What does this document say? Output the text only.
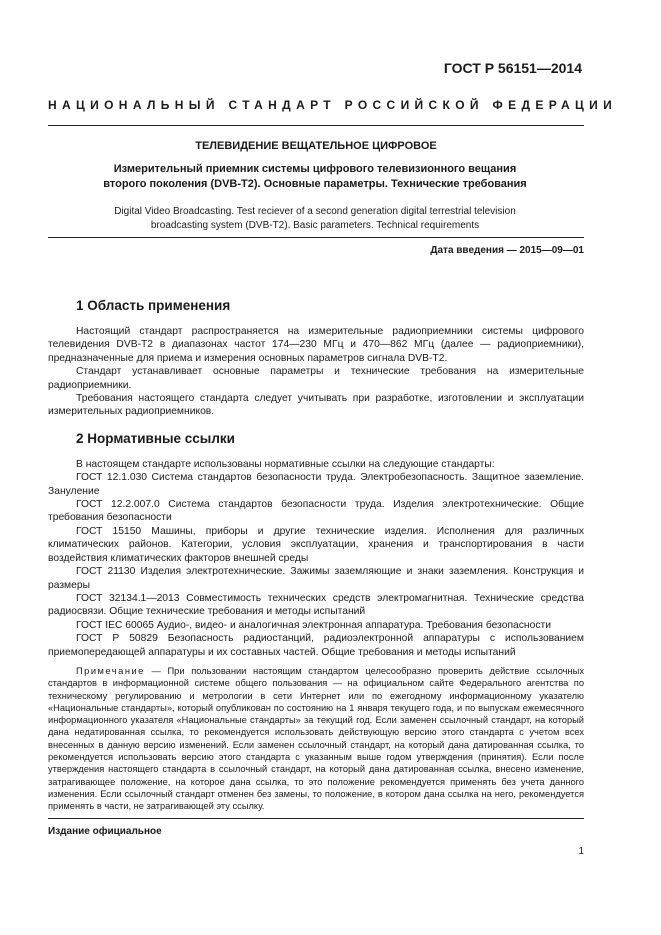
ГОСТ Р 56151—2014
НАЦИОНАЛЬНЫЙ СТАНДАРТ РОССИЙСКОЙ ФЕДЕРАЦИИ
ТЕЛЕВИДЕНИЕ ВЕЩАТЕЛЬНОЕ ЦИФРОВОЕ
Измерительный приемник системы цифрового телевизионного вещания
второго поколения (DVB-T2). Основные параметры. Технические требования
Digital Video Broadcasting. Test reciever of a second generation digital terrestrial television
broadcasting system (DVB-T2). Basic parameters. Technical requirements
Дата введения — 2015—09—01
1 Область применения

Настоящий стандарт распространяется на измерительные радиоприемники системы цифрового телевидения DVB-T2 в диапазонах частот 174—230 МГц и 470—862 МГц (далее — радиоприемники), предназначенные для приема и измерения основных параметров сигнала DVB-T2.

Стандарт устанавливает основные параметры и технические требования на измерительные радиоприемники.

Требования настоящего стандарта следует учитывать при разработке, изготовлении и эксплуатации измерительных радиоприемников.

2 Нормативные ссылки

В настоящем стандарте использованы нормативные ссылки на следующие стандарты:

ГОСТ 12.1.030 Система стандартов безопасности труда. Электробезопасность. Защитное заземление. Зануление

ГОСТ 12.2.007.0 Система стандартов безопасности труда. Изделия электротехнические. Общие требования безопасности

ГОСТ 15150 Машины, приборы и другие технические изделия. Исполнения для различных климатических районов. Категории, условия эксплуатации, хранения и транспортирования в части воздействия климатических факторов внешней среды

ГОСТ 21130 Изделия электротехнические. Зажимы заземляющие и знаки заземления. Конструкция и размеры

ГОСТ 32134.1—2013 Совместимость технических средств электромагнитная. Технические средства радиосвязи. Общие технические требования и методы испытаний

ГОСТ IEC 60065 Аудио-, видео- и аналогичная электронная аппаратура. Требования безопасности

ГОСТ Р 50829 Безопасность радиостанций, радиоэлектронной аппаратуры с использованием приемопередающей аппаратуры и их составных частей. Общие требования и методы испытаний

Примечание — При пользовании настоящим стандартом целесообразно проверить действие ссылочных стандартов в информационной системе общего пользования — на официальном сайте Федерального агентства по техническому регулированию и метрологии в сети Интернет или по ежегодному информационному указателю «Национальные стандарты», который опубликован по состоянию на 1 января текущего года, и по выпускам ежемесячного информационного указателя «Национальные стандарты» за текущий год. Если заменен ссылочный стандарт, на который дана недатированная ссылка, то рекомендуется использовать действующую версию этого стандарта с учетом всех внесенных в данную версию изменений. Если заменен ссылочный стандарт, на который дана датированная ссылка, то рекомендуется использовать версию этого стандарта с указанным выше годом утверждения (принятия). Если после утверждения настоящего стандарта в ссылочный стандарт, на который дана датированная ссылка, внесено изменение, затрагивающее положение, на которое дана ссылка, то это положение рекомендуется применять без учета данного изменения. Если ссылочный стандарт отменен без замены, то положение, в котором дана ссылка на него, рекомендуется применять в части, не затрагивающей эту ссылку.
Издание официальное
1
